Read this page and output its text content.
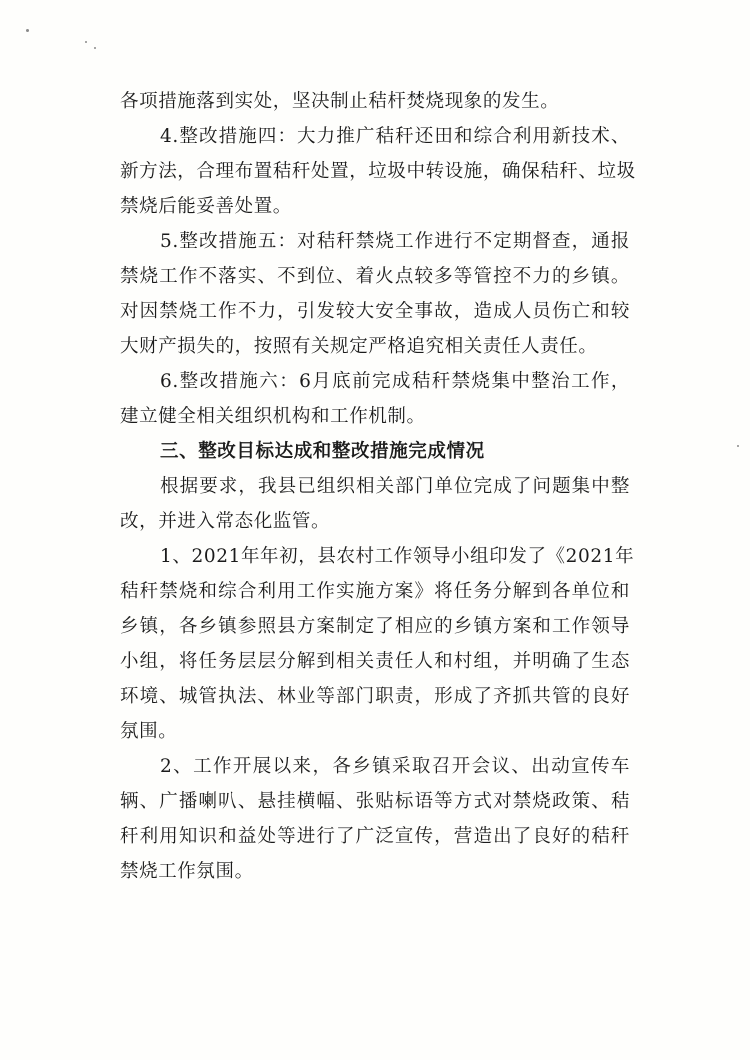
各项措施落到实处，坚决制止秸杆焚烧现象的发生。
4.整改措施四：大力推广秸秆还田和综合利用新技术、
新方法，合理布置秸秆处置，垃圾中转设施，确保秸秆、垃圾
禁烧后能妥善处置。
5.整改措施五：对秸秆禁烧工作进行不定期督查，通报
禁烧工作不落实、不到位、着火点较多等管控不力的乡镇。
对因禁烧工作不力，引发较大安全事故，造成人员伤亡和较
大财产损失的，按照有关规定严格追究相关责任人责任。
6.整改措施六：6月底前完成秸秆禁烧集中整治工作，
建立健全相关组织机构和工作机制。
三、整改目标达成和整改措施完成情况
根据要求，我县已组织相关部门单位完成了问题集中整
改，并进入常态化监管。
1、2021年年初，县农村工作领导小组印发了《2021年
秸秆禁烧和综合利用工作实施方案》将任务分解到各单位和
乡镇，各乡镇参照县方案制定了相应的乡镇方案和工作领导
小组，将任务层层分解到相关责任人和村组，并明确了生态
环境、城管执法、林业等部门职责，形成了齐抓共管的良好
氛围。
2、工作开展以来，各乡镇采取召开会议、出动宣传车
辆、广播喇叭、悬挂横幅、张贴标语等方式对禁烧政策、秸
秆利用知识和益处等进行了广泛宣传，营造出了良好的秸秆
禁烧工作氛围。
